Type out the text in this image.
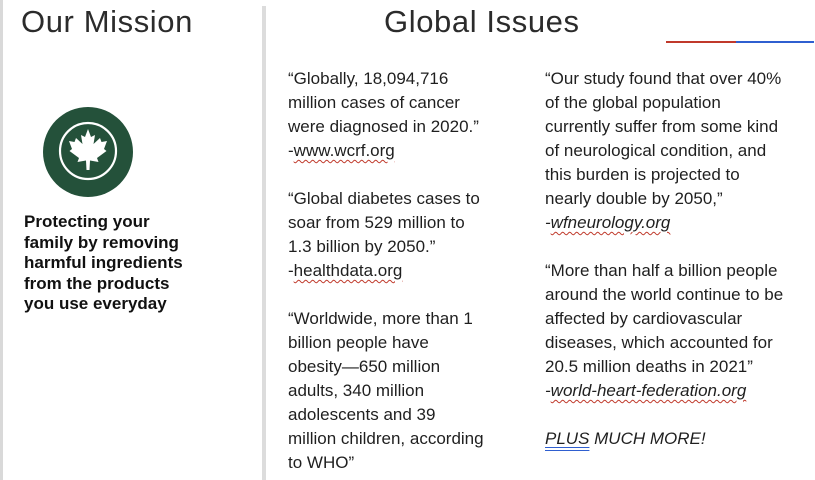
Our Mission	Global Issues
Protecting your
family by removing
harmful ingredients
from the products
you use everyday
“Globally, 18,094,716
million cases of cancer
were diagnosed in 2020.”
-www.wcrf.org
“Global diabetes cases to
soar from 529 million to
1.3 billion by 2050.”
-healthdata.org
“Worldwide, more than 1
billion people have
obesity—650 million
adults, 340 million
adolescents and 39
million children, according
to WHO”
“Our study found that over 40%
of the global population
currently suffer from some kind
of neurological condition, and
this burden is projected to
nearly double by 2050,”
-wfneurology.org
“More than half a billion people
around the world continue to be
affected by cardiovascular
diseases, which accounted for
20.5 million deaths in 2021”
-world-heart-federation.org
PLUS MUCH MORE!
